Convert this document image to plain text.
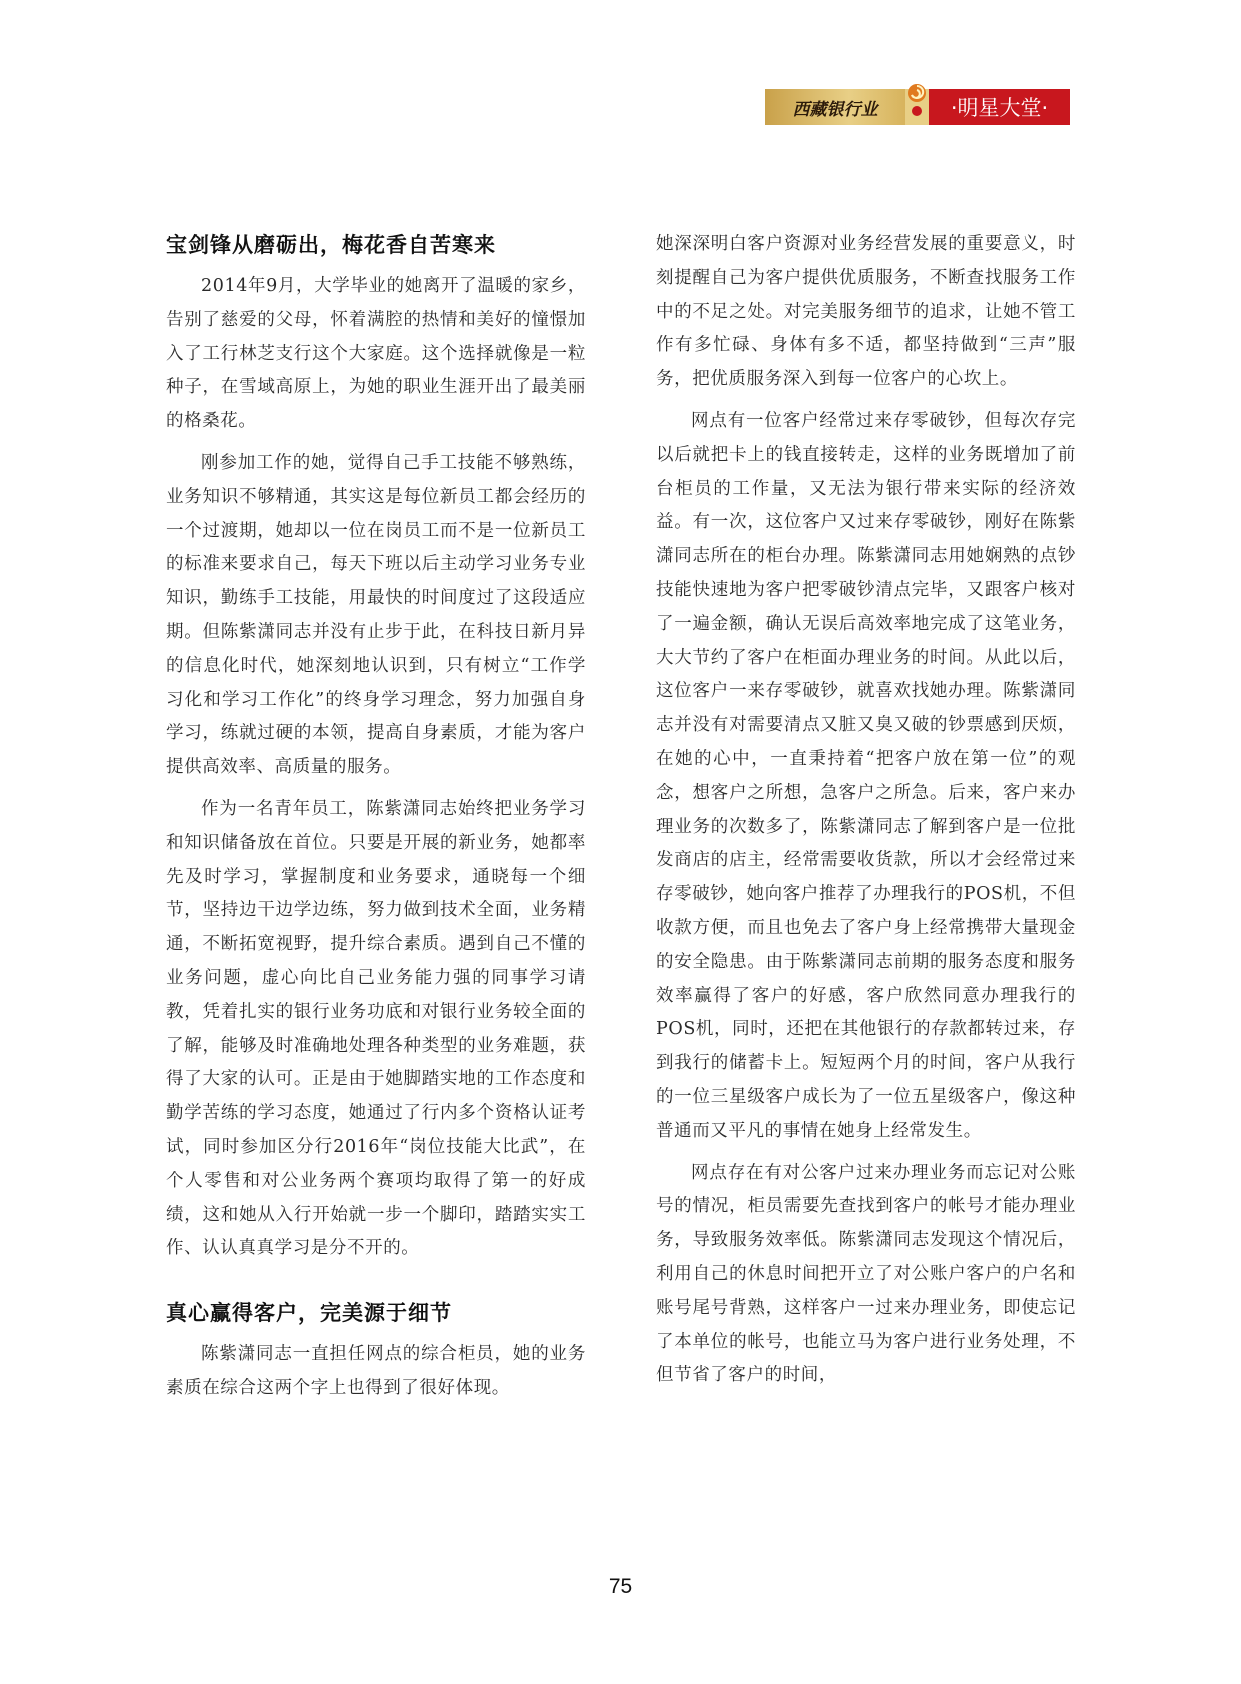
西藏银行业	·明星大堂·
宝剑锋从磨砺出，梅花香自苦寒来

2014年9月，大学毕业的她离开了温暖的家乡，告别了慈爱的父母，怀着满腔的热情和美好的憧憬加入了工行林芝支行这个大家庭。这个选择就像是一粒种子，在雪域高原上，为她的职业生涯开出了最美丽的格桑花。

刚参加工作的她，觉得自己手工技能不够熟练，业务知识不够精通，其实这是每位新员工都会经历的一个过渡期，她却以一位在岗员工而不是一位新员工的标准来要求自己，每天下班以后主动学习业务专业知识，勤练手工技能，用最快的时间度过了这段适应期。但陈紫潇同志并没有止步于此，在科技日新月异的信息化时代，她深刻地认识到，只有树立“工作学习化和学习工作化”的终身学习理念，努力加强自身学习，练就过硬的本领，提高自身素质，才能为客户提供高效率、高质量的服务。

作为一名青年员工，陈紫潇同志始终把业务学习和知识储备放在首位。只要是开展的新业务，她都率先及时学习，掌握制度和业务要求，通晓每一个细节，坚持边干边学边练，努力做到技术全面，业务精通，不断拓宽视野，提升综合素质。遇到自己不懂的业务问题，虚心向比自己业务能力强的同事学习请教，凭着扎实的银行业务功底和对银行业务较全面的了解，能够及时准确地处理各种类型的业务难题，获得了大家的认可。正是由于她脚踏实地的工作态度和勤学苦练的学习态度，她通过了行内多个资格认证考试，同时参加区分行2016年“岗位技能大比武”，在个人零售和对公业务两个赛项均取得了第一的好成绩，这和她从入行开始就一步一个脚印，踏踏实实工作、认认真真学习是分不开的。

真心赢得客户，完美源于细节

陈紫潇同志一直担任网点的综合柜员，她的业务素质在综合这两个字上也得到了很好体现。

她深深明白客户资源对业务经营发展的重要意义，时刻提醒自己为客户提供优质服务，不断查找服务工作中的不足之处。对完美服务细节的追求，让她不管工作有多忙碌、身体有多不适，都坚持做到“三声”服务，把优质服务深入到每一位客户的心坎上。

网点有一位客户经常过来存零破钞，但每次存完以后就把卡上的钱直接转走，这样的业务既增加了前台柜员的工作量，又无法为银行带来实际的经济效益。有一次，这位客户又过来存零破钞，刚好在陈紫潇同志所在的柜台办理。陈紫潇同志用她娴熟的点钞技能快速地为客户把零破钞清点完毕，又跟客户核对了一遍金额，确认无误后高效率地完成了这笔业务，大大节约了客户在柜面办理业务的时间。从此以后，这位客户一来存零破钞，就喜欢找她办理。陈紫潇同志并没有对需要清点又脏又臭又破的钞票感到厌烦，在她的心中，一直秉持着“把客户放在第一位”的观念，想客户之所想，急客户之所急。后来，客户来办理业务的次数多了，陈紫潇同志了解到客户是一位批发商店的店主，经常需要收货款，所以才会经常过来存零破钞，她向客户推荐了办理我行的POS机，不但收款方便，而且也免去了客户身上经常携带大量现金的安全隐患。由于陈紫潇同志前期的服务态度和服务效率赢得了客户的好感，客户欣然同意办理我行的POS机，同时，还把在其他银行的存款都转过来，存到我行的储蓄卡上。短短两个月的时间，客户从我行的一位三星级客户成长为了一位五星级客户，像这种普通而又平凡的事情在她身上经常发生。

网点存在有对公客户过来办理业务而忘记对公账号的情况，柜员需要先查找到客户的帐号才能办理业务，导致服务效率低。陈紫潇同志发现这个情况后，利用自己的休息时间把开立了对公账户客户的户名和账号尾号背熟，这样客户一过来办理业务，即使忘记了本单位的帐号，也能立马为客户进行业务处理，不但节省了客户的时间，

75
